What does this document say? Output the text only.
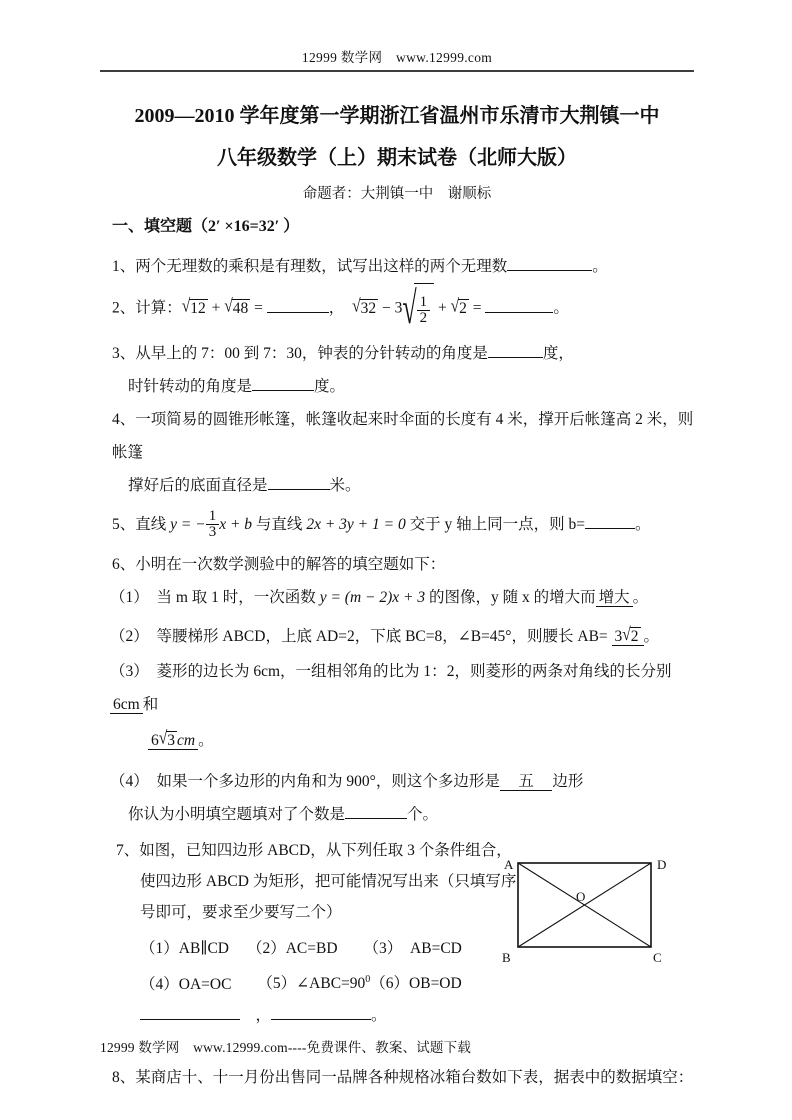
12999 数学网　www.12999.com
2009—2010 学年度第一学期浙江省温州市乐清市大荆镇一中
八年级数学（上）期末试卷（北师大版）
命题者：大荆镇一中　谢顺标
一、填空题（2′ ×16=32′ ）
1、两个无理数的乘积是有理数，试写出这样的两个无理数	。
2、计算：√12 + √48 =	，　$√32 - 3√ \frac{1}{2} + √2$ =	。
3、从早上的 7：00 到 7：30，钟表的分针转动的角度是	度，
时针转动的角度是	度。
4、一项简易的圆锥形帐篷，帐篷收起来时伞面的长度有 4 米，撑开后帐篷高 2 米，则帐篷
撑好后的底面直径是	米。
5、直线 y = − $\frac{1}{3}$ x + b 与直线 2x + 3y + 1 = 0 交于 y 轴上同一点，则 b=	。
6、小明在一次数学测验中的解答的填空题如下：
（1）　当 m 取 1 时，一次函数 y = (m − 2)x + 3 的图像，y 随 x 的增大而 增大 。
（2）　等腰梯形 ABCD，上底 AD=2，下底 BC=8，∠B=45°，则腰长 AB= 3√2 。
（3）　菱形的边长为 6cm，一组相邻角的比为 1：2，则菱形的两条对角线的长分别 6cm 和
6√3 cm 。
（4）　如果一个多边形的内角和为 900°，则这个多边形是　五　边形
你认为小明填空题填对了个数是	个。
7、如图，已知四边形 ABCD，从下列任取 3 个条件组合，
使四边形 ABCD 为矩形，把可能情况写出来（只填写序
号即可，要求至少要写二个）
（1）AB∥CD （2）AC=BD （3）　AB=CD
（4）OA=OC $(5)\angle ABC=90^0(6)OB=OD$
　，	。
A	D
B	C
O
8、某商店十、十一月份出售同一品牌各种规格冰箱台数如下表，据表中的数据填空：
12999 数学网　www.12999.com----免费课件、教案、试题下载
